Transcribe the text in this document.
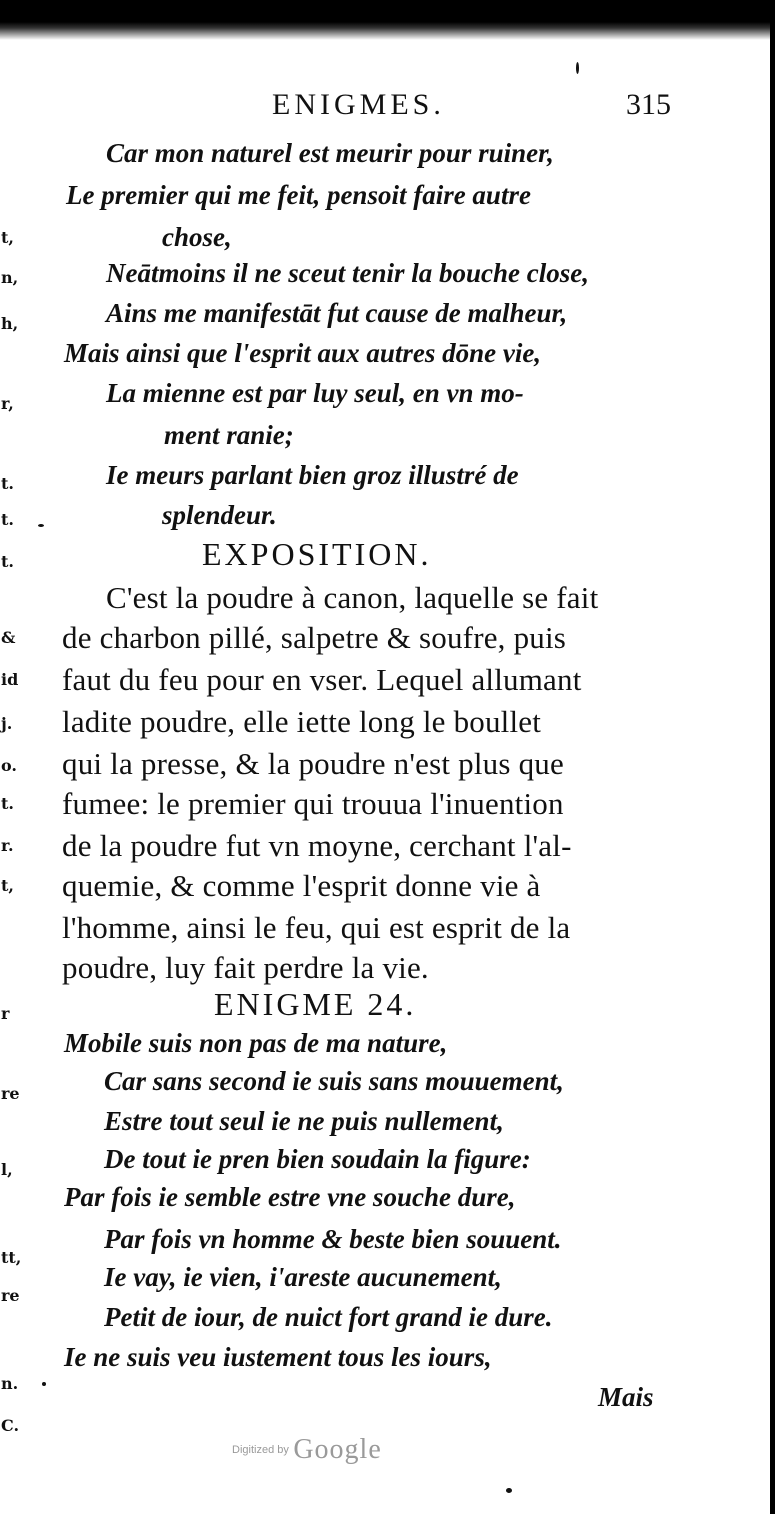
t,
n,
h,
r,
t.
t.
t.
&
id
j.
o.
t.
r.
t,
r
re
l,
tt,
re
n.
C.
ENIGMES.	315
Car mon naturel est meurir pour ruiner,
Le premier qui me feit, pensoit faire autre
chose,
Neātmoins il ne sceut tenir la bouche close,
Ains me manifestāt fut cause de malheur,
Mais ainsi que l'esprit aux autres dōne vie,
La mienne est par luy seul, en vn mo-
ment ranie;
Ie meurs parlant bien groz illustré de
splendeur.
EXPOSITION.
C'est la poudre à canon, laquelle se fait
de charbon pillé, salpetre & soufre, puis
faut du feu pour en vser. Lequel allumant
ladite poudre, elle iette long le boullet
qui la presse, & la poudre n'est plus que
fumee: le premier qui trouua l'inuention
de la poudre fut vn moyne, cerchant l'al-
quemie, & comme l'esprit donne vie à
l'homme, ainsi le feu, qui est esprit de la
poudre, luy fait perdre la vie.
ENIGME 24.
Mobile suis non pas de ma nature,
Car sans second ie suis sans mouuement,
Estre tout seul ie ne puis nullement,
De tout ie pren bien soudain la figure:
Par fois ie semble estre vne souche dure,
Par fois vn homme & beste bien souuent.
Ie vay, ie vien, i'areste aucunement,
Petit de iour, de nuict fort grand ie dure.
Ie ne suis veu iustement tous les iours,
Mais
Digitized by Google
